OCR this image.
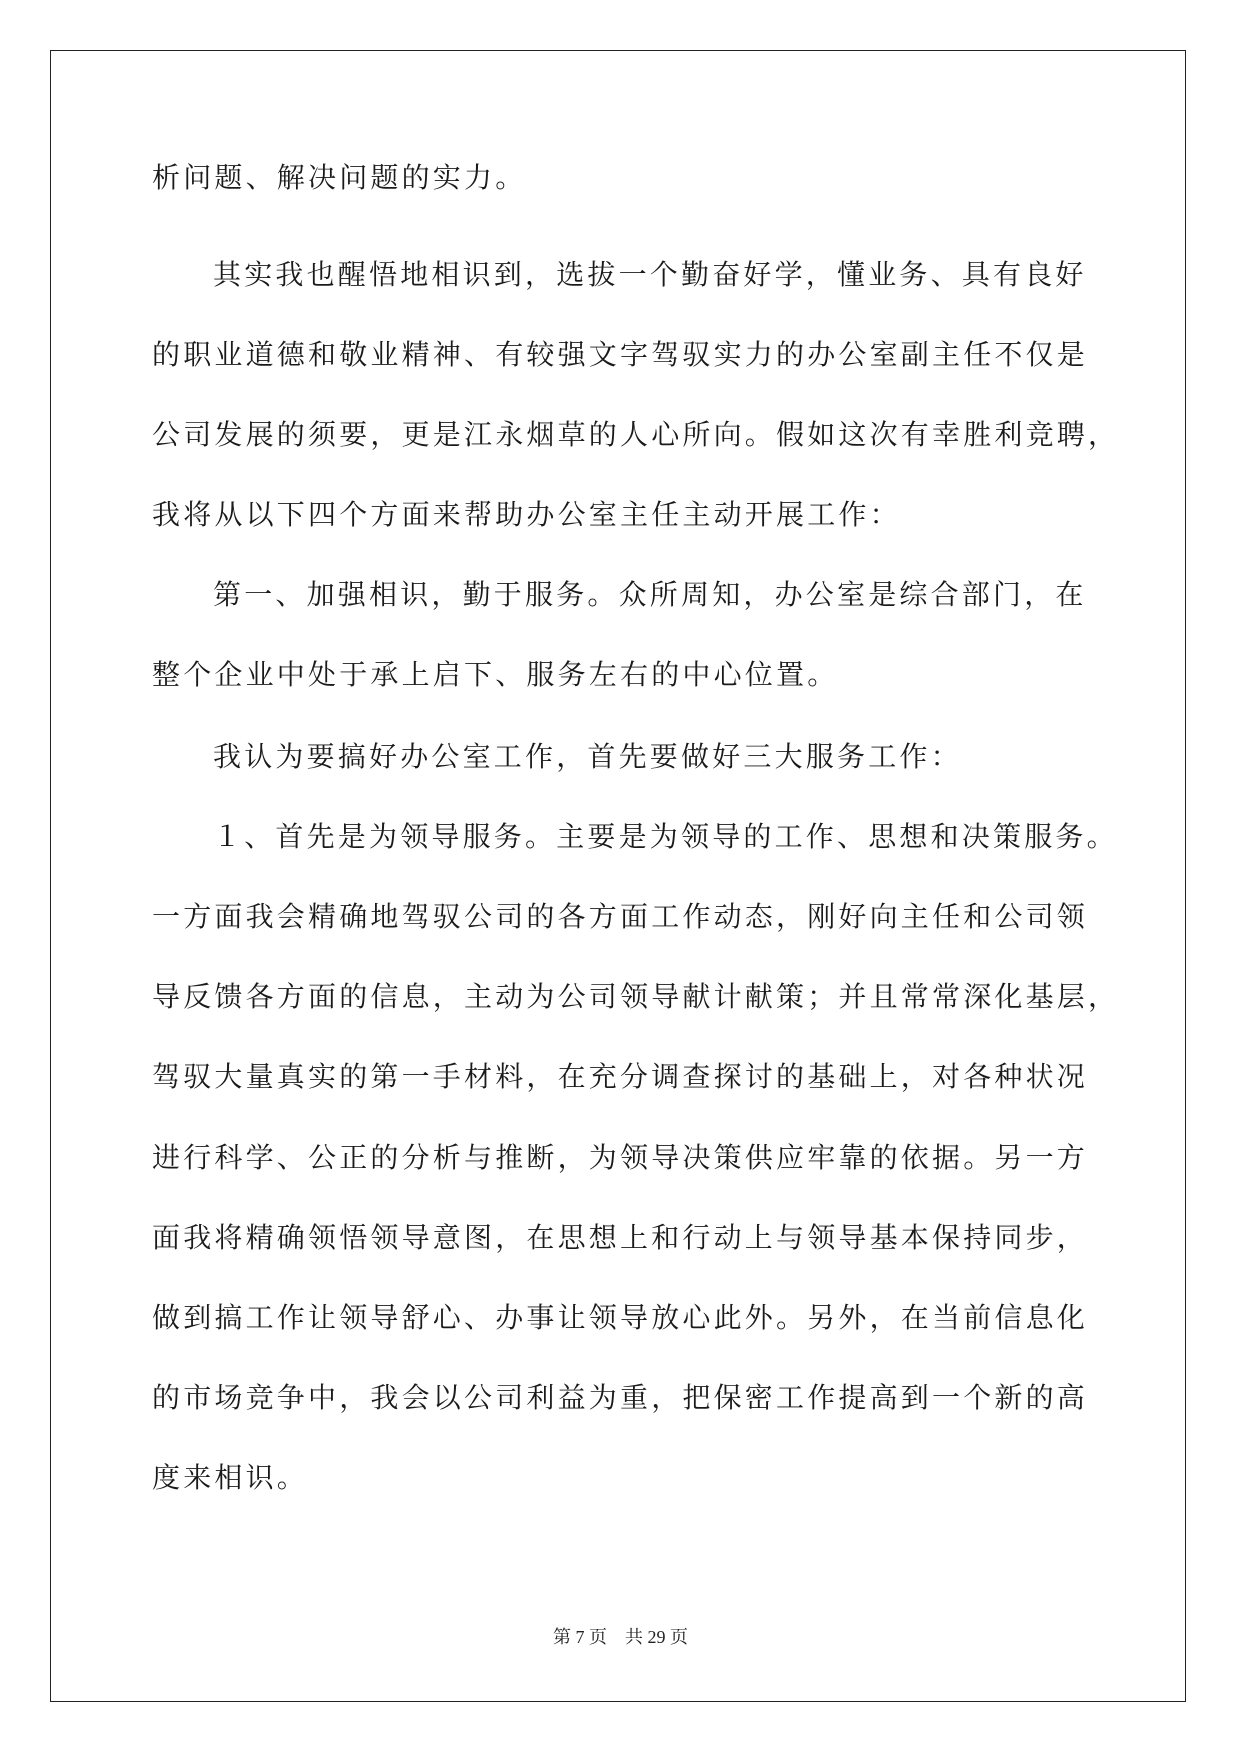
析问题、解决问题的实力。
其实我也醒悟地相识到，选拔一个勤奋好学，懂业务、具有良好
的职业道德和敬业精神、有较强文字驾驭实力的办公室副主任不仅是
公司发展的须要，更是江永烟草的人心所向。假如这次有幸胜利竞聘，
我将从以下四个方面来帮助办公室主任主动开展工作：
第一、加强相识，勤于服务。众所周知，办公室是综合部门，在
整个企业中处于承上启下、服务左右的中心位置。
我认为要搞好办公室工作，首先要做好三大服务工作：
１、首先是为领导服务。主要是为领导的工作、思想和决策服务。
一方面我会精确地驾驭公司的各方面工作动态，刚好向主任和公司领
导反馈各方面的信息，主动为公司领导献计献策；并且常常深化基层，
驾驭大量真实的第一手材料，在充分调查探讨的基础上，对各种状况
进行科学、公正的分析与推断，为领导决策供应牢靠的依据。另一方
面我将精确领悟领导意图，在思想上和行动上与领导基本保持同步，
做到搞工作让领导舒心、办事让领导放心此外。另外，在当前信息化
的市场竞争中，我会以公司利益为重，把保密工作提高到一个新的高
度来相识。
第 7 页 共 29 页
